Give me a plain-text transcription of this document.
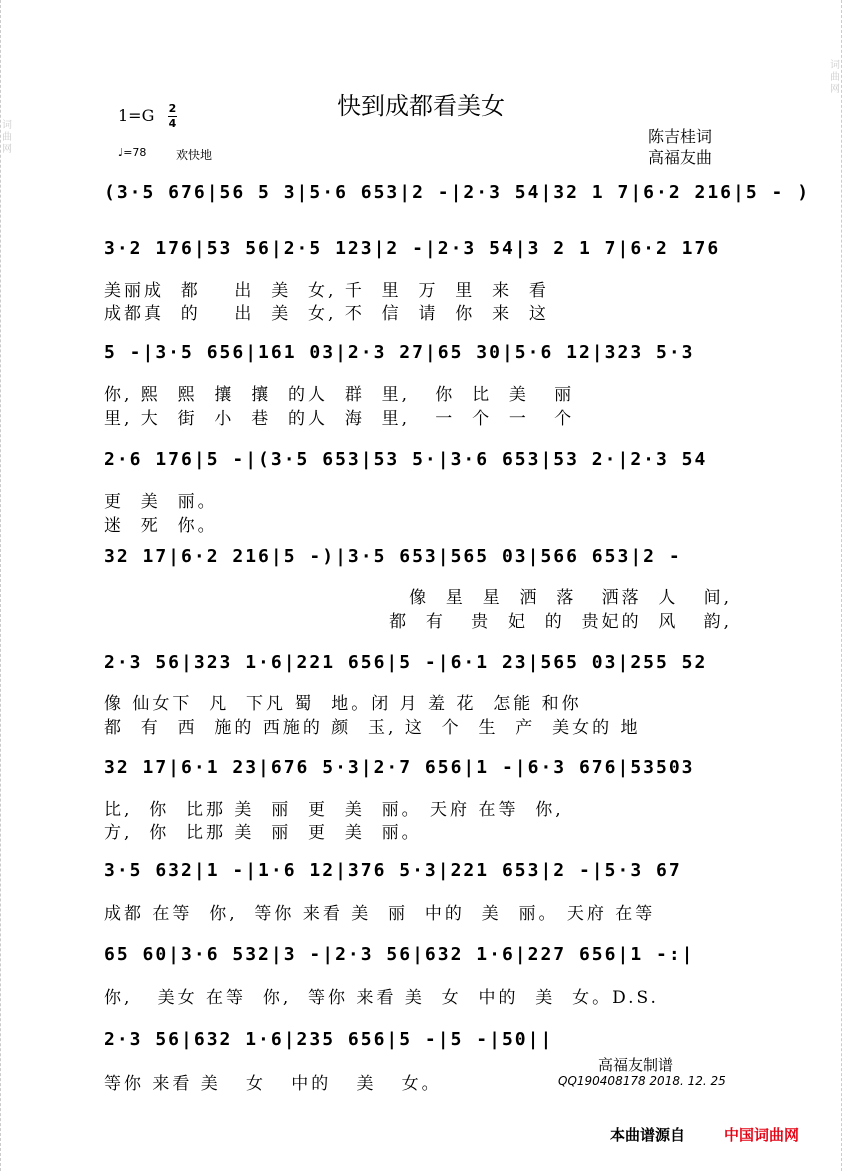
词曲网
词曲网
快到成都看美女
1=G 2
4
♩=78 欢快地
陈吉桂词
高福友曲
(3·5 676|56 5 3|5·6 653|2 -|2·3 54|32 1 7|6·2 216|5 - )
3·2 176|53 56|2·5 123|2 -|2·3 54|3 2 1 7|6·2 176
美丽成  都    出  美  女, 千  里  万  里  来  看
成都真  的    出  美  女, 不  信  请  你  来  这
5 -|3·5 656|161 03|2·3 27|65 30|5·6 12|323 5·3
你, 熙  熙  攘  攘  的人  群  里,   你  比  美   丽
里, 大  街  小  巷  的人  海  里,   一  个  一   个
2·6 176|5 -|(3·5 653|53 5·|3·6 653|53 2·|2·3 54
更  美  丽。
迷  死  你。
32 17|6·2 216|5 -)|3·5 653|565 03|566 653|2 -
像  星  星  洒  落   洒落  人   间,
都  有   贵  妃  的  贵妃的  风   韵,
2·3 56|323 1·6|221 656|5 -|6·1 23|565 03|255 52
像 仙女下  凡  下凡 蜀  地。闭 月 羞 花  怎能 和你
都  有  西  施的 西施的 颜  玉, 这  个  生  产  美女的 地
32 17|6·1 23|676 5·3|2·7 656|1 -|6·3 676|53503
比,  你  比那 美  丽  更  美  丽。 天府 在等  你,
方,  你  比那 美  丽  更  美  丽。
3·5 632|1 -|1·6 12|376 5·3|221 653|2 -|5·3 67
成都 在等  你,  等你 来看 美  丽  中的  美  丽。 天府 在等
65 60|3·6 532|3 -|2·3 56|632 1·6|227 656|1 -:|
你,   美女 在等  你,  等你 来看 美  女  中的  美  女。D.S.
2·3 56|632 1·6|235 656|5 -|5 -|50||
等你 来看 美   女   中的   美   女。
高福友制谱
QQ190408178 2018. 12. 25
本曲谱源自	中国词曲网
